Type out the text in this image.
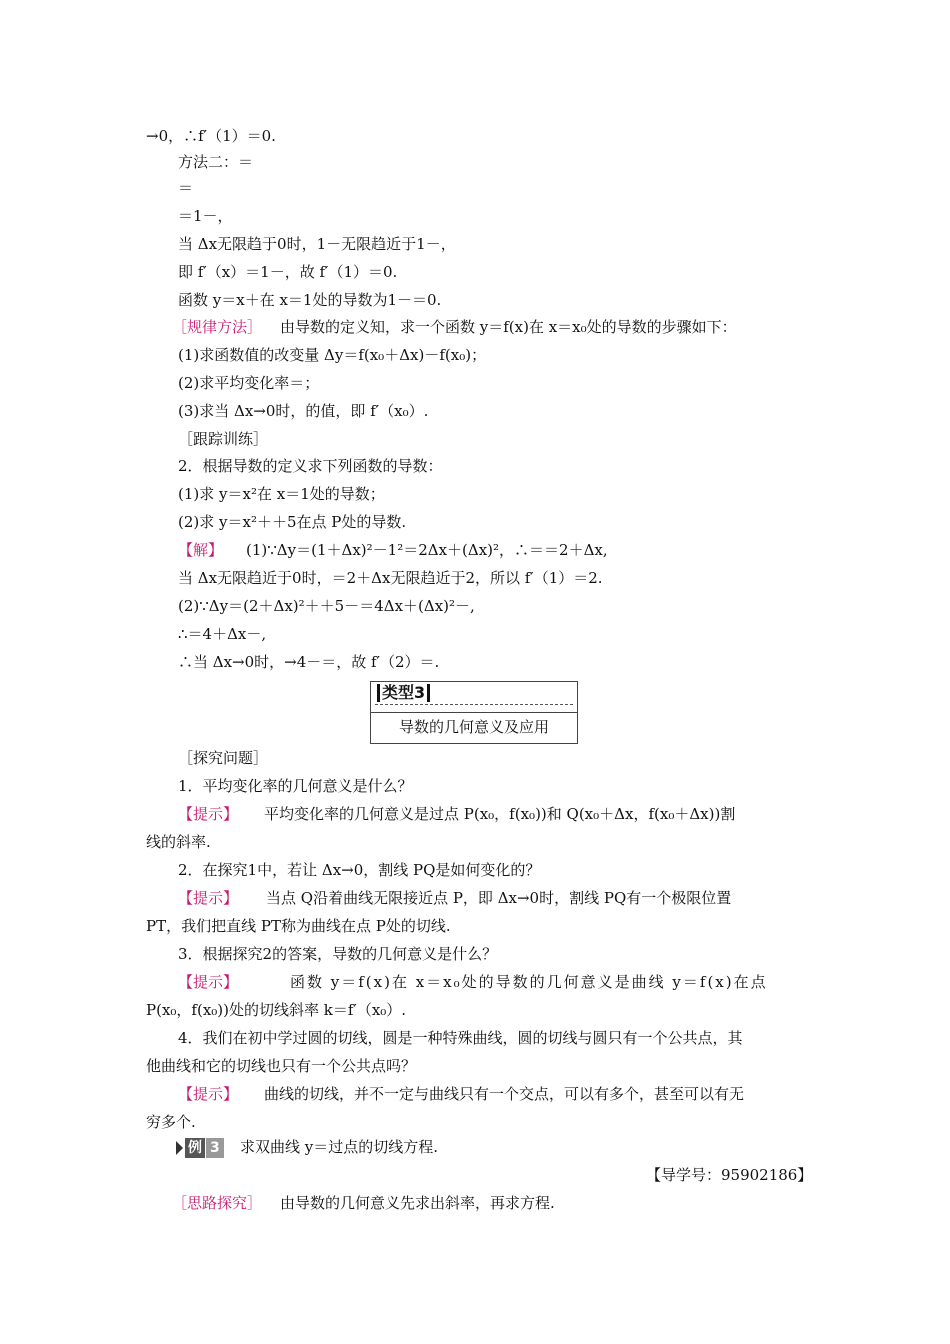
→0，∴f′（1）＝0.
方法二：＝
＝
＝1－，
当 Δx无限趋于0时，1－无限趋近于1－，
即 f′（x）＝1－，故 f′（1）＝0.
函数 y＝x＋在 x＝1处的导数为1－＝0.
［规律方法］ 由导数的定义知，求一个函数 y＝f(x)在 x＝x₀处的导数的步骤如下：
(1)求函数值的改变量 Δy＝f(x₀＋Δx)－f(x₀)；
(2)求平均变化率＝；
(3)求当 Δx→0时，的值，即 f′（x₀）.
［跟踪训练］
2．根据导数的定义求下列函数的导数：
(1)求 y＝x²在 x＝1处的导数；
(2)求 y＝x²＋＋5在点 P处的导数.
【解】 (1)∵Δy＝(1＋Δx)²－1²＝2Δx＋(Δx)²，∴＝＝2＋Δx,
当 Δx无限趋近于0时，＝2＋Δx无限趋近于2，所以 f′（1）＝2.
(2)∵Δy＝(2＋Δx)²＋＋5－＝4Δx＋(Δx)²－,
∴＝4＋Δx－,
∴当 Δx→0时，→4－＝，故 f′（2）＝.
类型3
导数的几何意义及应用
［探究问题］
1．平均变化率的几何意义是什么？
【提示】 平均变化率的几何意义是过点 P(x₀，f(x₀))和 Q(x₀＋Δx，f(x₀＋Δx))割
线的斜率.
2．在探究1中，若让 Δx→0，割线 PQ是如何变化的？
【提示】 当点 Q沿着曲线无限接近点 P，即 Δx→0时，割线 PQ有一个极限位置
PT，我们把直线 PT称为曲线在点 P处的切线.
3．根据探究2的答案，导数的几何意义是什么？
【提示】	函数 y＝f(x)在 x＝x₀处的导数的几何意义是曲线 y＝f(x)在点
P(x₀，f(x₀))处的切线斜率 k＝f′（x₀）.
4．我们在初中学过圆的切线，圆是一种特殊曲线，圆的切线与圆只有一个公共点，其
他曲线和它的切线也只有一个公共点吗？
【提示】 曲线的切线，并不一定与曲线只有一个交点，可以有多个，甚至可以有无
穷多个.
例 3 求双曲线 y＝过点的切线方程.
【导学号：95902186】
［思路探究］ 由导数的几何意义先求出斜率，再求方程.
